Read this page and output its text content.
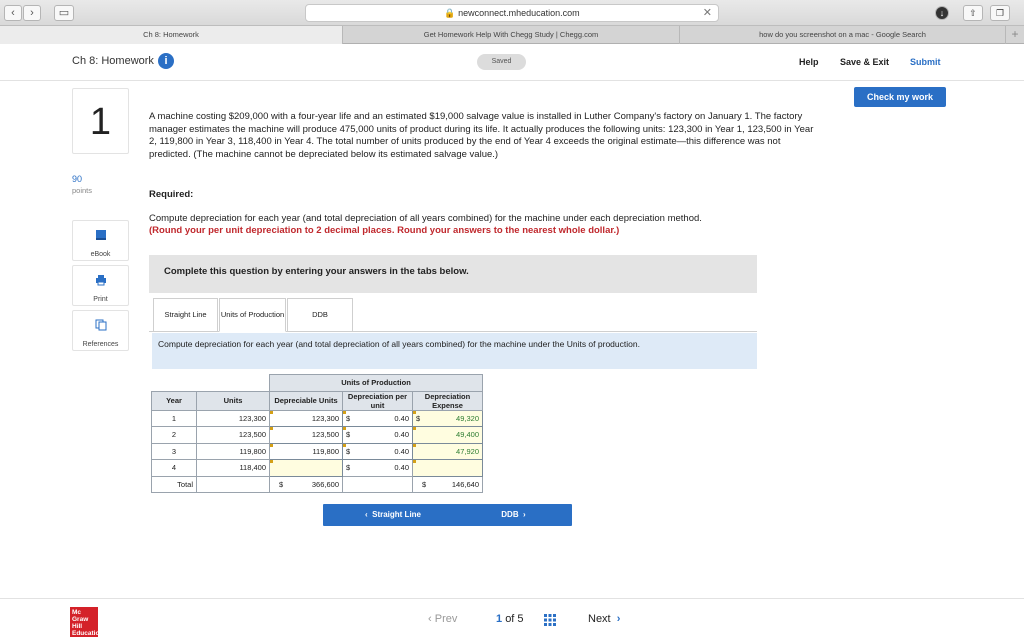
‹	›	▭	🔒 newconnect.mheducation.com	✕	↓	⇧	❐
Ch 8: Homework	Get Homework Help With Chegg Study | Chegg.com	how do you screenshot on a mac - Google Search	+
Ch 8: Homework i	Saved	Help Save & Exit Submit
Check my work
1
90
points
eBook
Print
References
A machine costing $209,000 with a four-year life and an estimated $19,000 salvage value is installed in Luther Company's factory on January 1. The factory manager estimates the machine will produce 475,000 units of product during its life. It actually produces the following units: 123,300 in Year 1, 123,500 in Year 2, 119,800 in Year 3, 118,400 in Year 4. The total number of units produced by the end of Year 4 exceeds the original estimate—this difference was not predicted. (The machine cannot be depreciated below its estimated salvage value.)
Required:
Compute depreciation for each year (and total depreciation of all years combined) for the machine under each depreciation method.
(Round your per unit depreciation to 2 decimal places. Round your answers to the nearest whole dollar.)
Complete this question by entering your answers in the tabs below.
Straight Line Units of Production	DDB
Compute depreciation for each year (and total depreciation of all years combined) for the machine under the Units of production.
		Units of Production		
Year	Units	Depreciable Units	Depreciation per unit	Depreciation Expense
1	123,300	123,300	$ 0.40	$ 49,320
2	123,500	123,500	$ 0.40	49,400
3	119,800	119,800	$ 0.40	47,920
4	118,400		$ 0.40	
Total		$ 366,600		$ 146,640
‹  Straight Line	DDB  ›
Mc Graw Hill Education
‹ Prev	1 of 5	Next  ›
